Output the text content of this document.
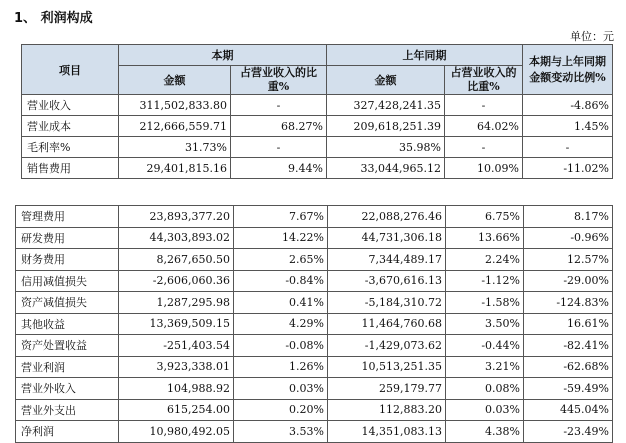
1、 利润构成
单位：元
项目	本期		上年同期		本期与上年同期金额变动比例%
	金额	占营业收入的比重%	金额	占营业收入的比重%	
营业收入	311,502,833.80	-	327,428,241.35	-	-4.86%
营业成本	212,666,559.71	68.27%	209,618,251.39	64.02%	1.45%
毛利率%	31.73%	-	35.98%	-	-
销售费用	29,401,815.16	9.44%	33,044,965.12	10.09%	-11.02%
管理费用	23,893,377.20	7.67%	22,088,276.46	6.75%	8.17%
研发费用	44,303,893.02	14.22%	44,731,306.18	13.66%	-0.96%
财务费用	8,267,650.50	2.65%	7,344,489.17	2.24%	12.57%
信用减值损失	-2,606,060.36	-0.84%	-3,670,616.13	-1.12%	-29.00%
资产减值损失	1,287,295.98	0.41%	-5,184,310.72	-1.58%	-124.83%
其他收益	13,369,509.15	4.29%	11,464,760.68	3.50%	16.61%
资产处置收益	-251,403.54	-0.08%	-1,429,073.62	-0.44%	-82.41%
营业利润	3,923,338.01	1.26%	10,513,251.35	3.21%	-62.68%
营业外收入	104,988.92	0.03%	259,179.77	0.08%	-59.49%
营业外支出	615,254.00	0.20%	112,883.20	0.03%	445.04%
净利润	10,980,492.05	3.53%	14,351,083.13	4.38%	-23.49%
